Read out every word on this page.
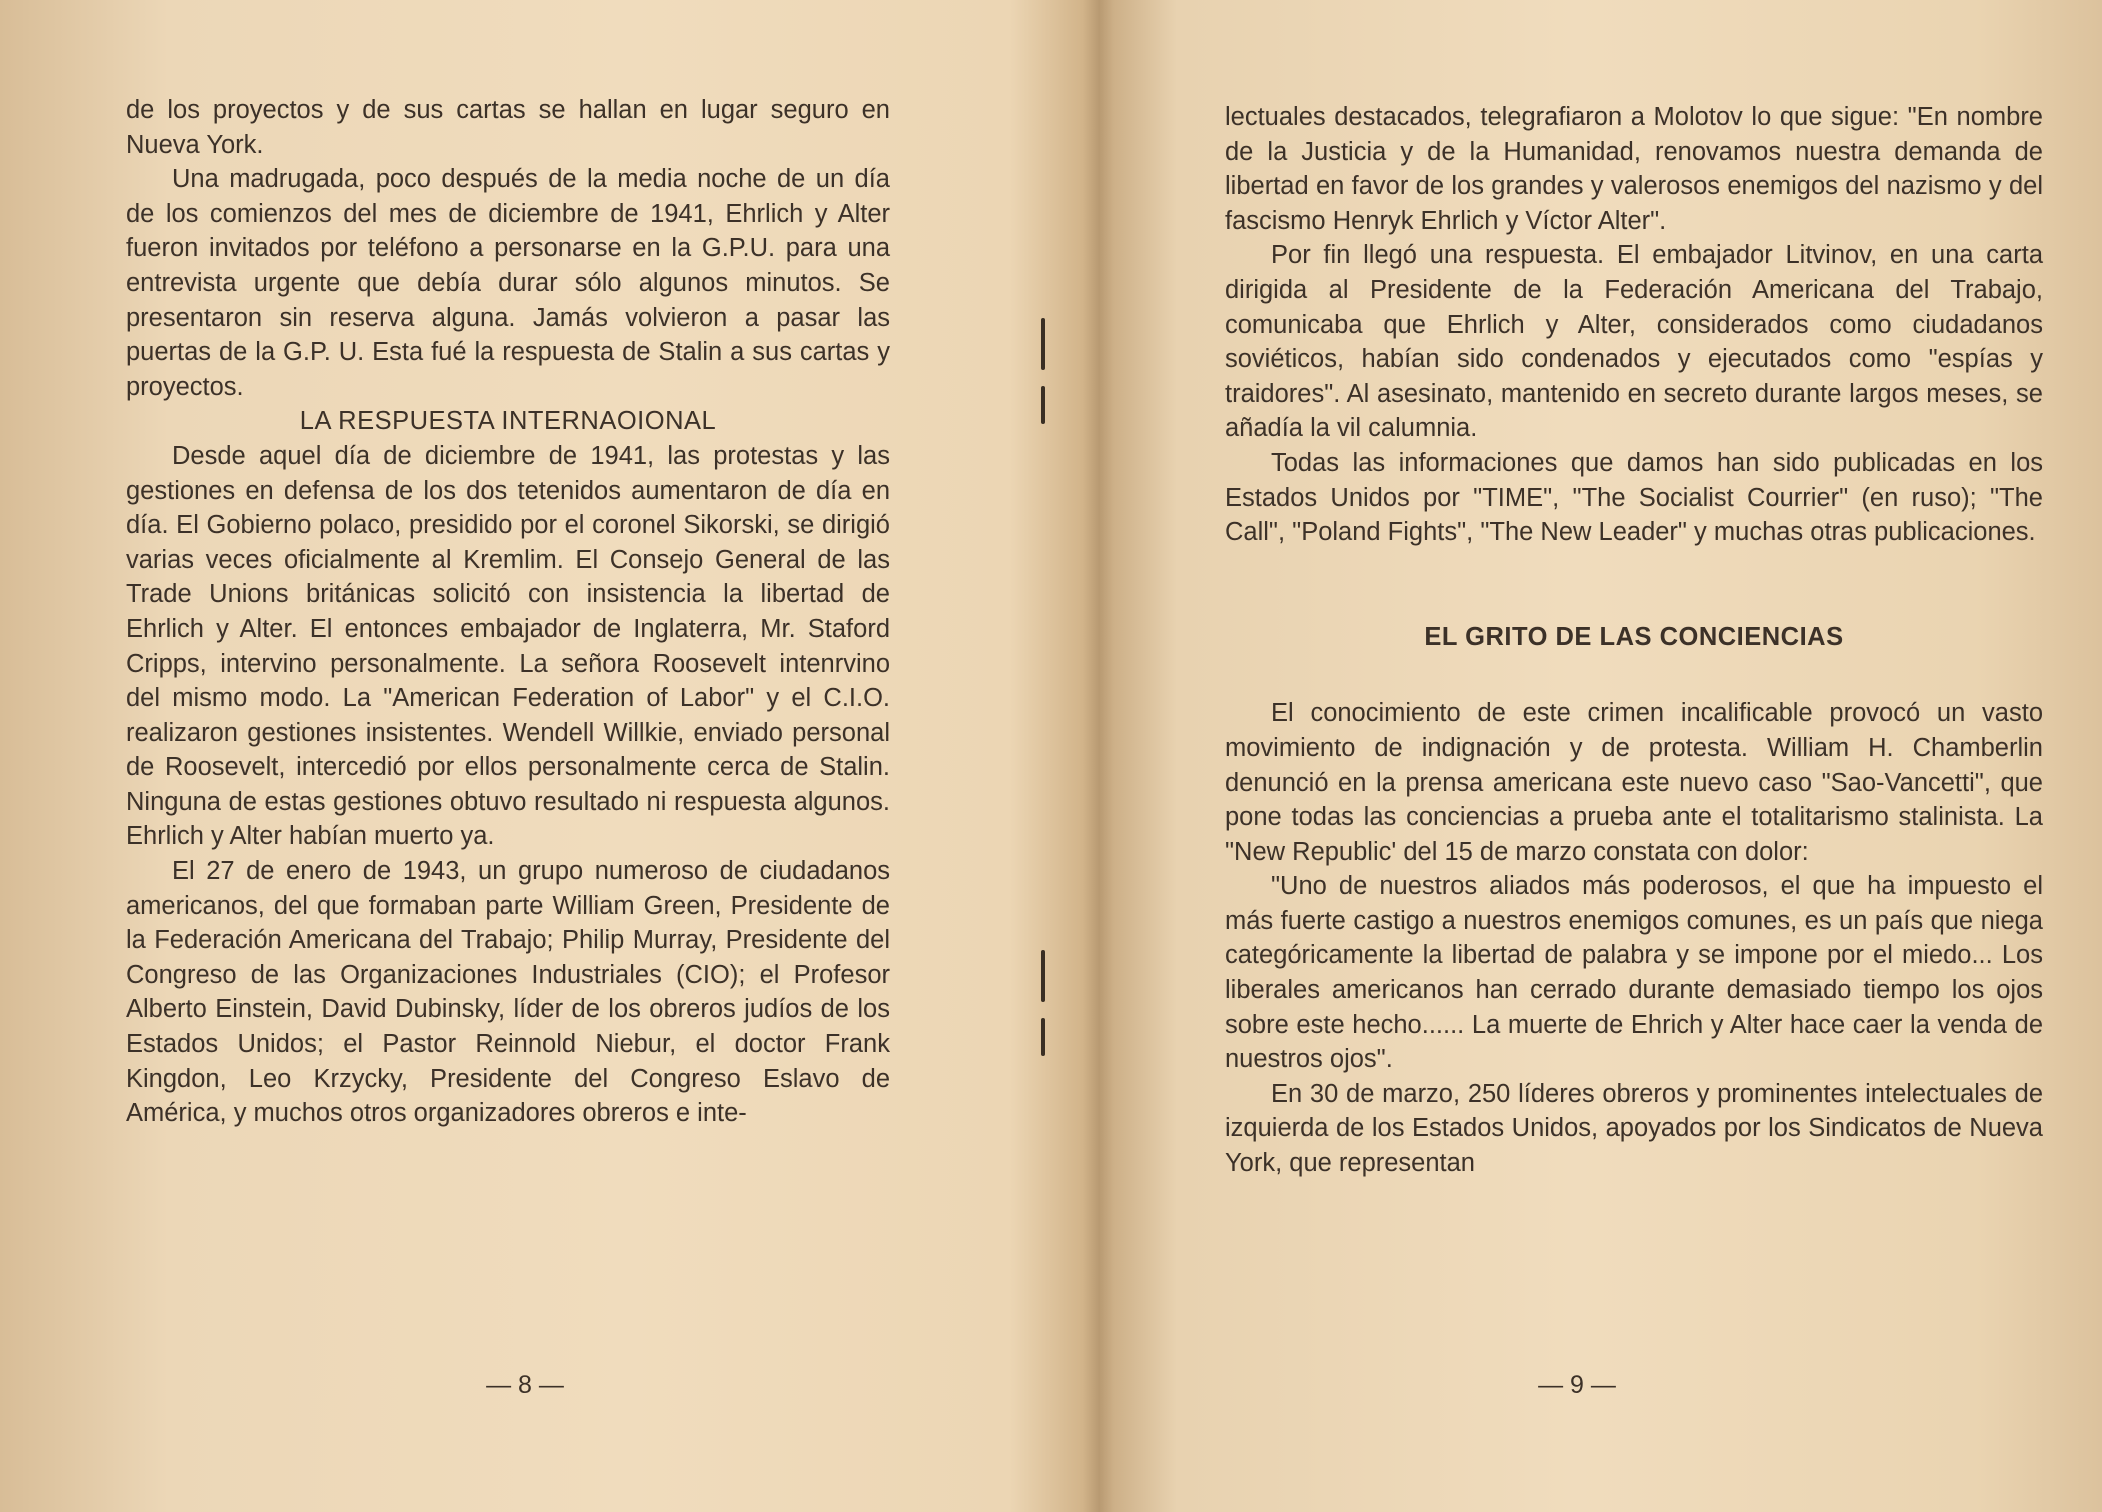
de los proyectos y de sus cartas se hallan en lugar seguro en Nueva York.

Una madrugada, poco después de la media noche de un día de los comienzos del mes de diciembre de 1941, Ehrlich y Alter fueron invitados por teléfono a personarse en la G.P.U. para una entrevista urgente que debía durar sólo algunos minutos. Se presentaron sin reserva alguna. Jamás volvieron a pasar las puertas de la G.P. U. Esta fué la respuesta de Stalin a sus cartas y proyectos.

LA RESPUESTA INTERNAOIONAL

Desde aquel día de diciembre de 1941, las protestas y las gestiones en defensa de los dos tetenidos aumentaron de día en día. El Gobierno polaco, presidido por el coronel Sikorski, se dirigió varias veces oficialmente al Kremlim. El Consejo General de las Trade Unions británicas solicitó con insistencia la libertad de Ehrlich y Alter. El entonces embajador de Inglaterra, Mr. Staford Cripps, intervino personalmente. La señora Roosevelt intenrvino del mismo modo. La "American Federation of Labor" y el C.I.O. realizaron gestiones insistentes. Wendell Willkie, enviado personal de Roosevelt, intercedió por ellos personalmente cerca de Stalin. Ninguna de estas gestiones obtuvo resultado ni respuesta algunos. Ehrlich y Alter habían muerto ya.

El 27 de enero de 1943, un grupo numeroso de ciudadanos americanos, del que formaban parte William Green, Presidente de la Federación Americana del Trabajo; Philip Murray, Presidente del Congreso de las Organizaciones Industriales (CIO); el Profesor Alberto Einstein, David Dubinsky, líder de los obreros judíos de los Estados Unidos; el Pastor Reinnold Niebur, el doctor Frank Kingdon, Leo Krzycky, Presidente del Congreso Eslavo de América, y muchos otros organizadores obreros e inte-

— 8 —

lectuales destacados, telegrafiaron a Molotov lo que sigue: "En nombre de la Justicia y de la Humanidad, renovamos nuestra demanda de libertad en favor de los grandes y valerosos enemigos del nazismo y del fascismo Henryk Ehrlich y Víctor Alter".

Por fin llegó una respuesta. El embajador Litvinov, en una carta dirigida al Presidente de la Federación Americana del Trabajo, comunicaba que Ehrlich y Alter, considerados como ciudadanos soviéticos, habían sido condenados y ejecutados como "espías y traidores". Al asesinato, mantenido en secreto durante largos meses, se añadía la vil calumnia.

Todas las informaciones que damos han sido publicadas en los Estados Unidos por "TIME", "The Socialist Courrier" (en ruso); "The Call", "Poland Fights", "The New Leader" y muchas otras publicaciones.

EL GRITO DE LAS CONCIENCIAS

El conocimiento de este crimen incalificable provocó un vasto movimiento de indignación y de protesta. William H. Chamberlin denunció en la prensa americana este nuevo caso "Sao-Vancetti", que pone todas las conciencias a prueba ante el totalitarismo stalinista. La "New Republic' del 15 de marzo constata con dolor:

"Uno de nuestros aliados más poderosos, el que ha impuesto el más fuerte castigo a nuestros enemigos comunes, es un país que niega categóricamente la libertad de palabra y se impone por el miedo... Los liberales americanos han cerrado durante demasiado tiempo los ojos sobre este hecho...... La muerte de Ehrich y Alter hace caer la venda de nuestros ojos".

En 30 de marzo, 250 líderes obreros y prominentes intelectuales de izquierda de los Estados Unidos, apoyados por los Sindicatos de Nueva York, que representan

— 9 —
